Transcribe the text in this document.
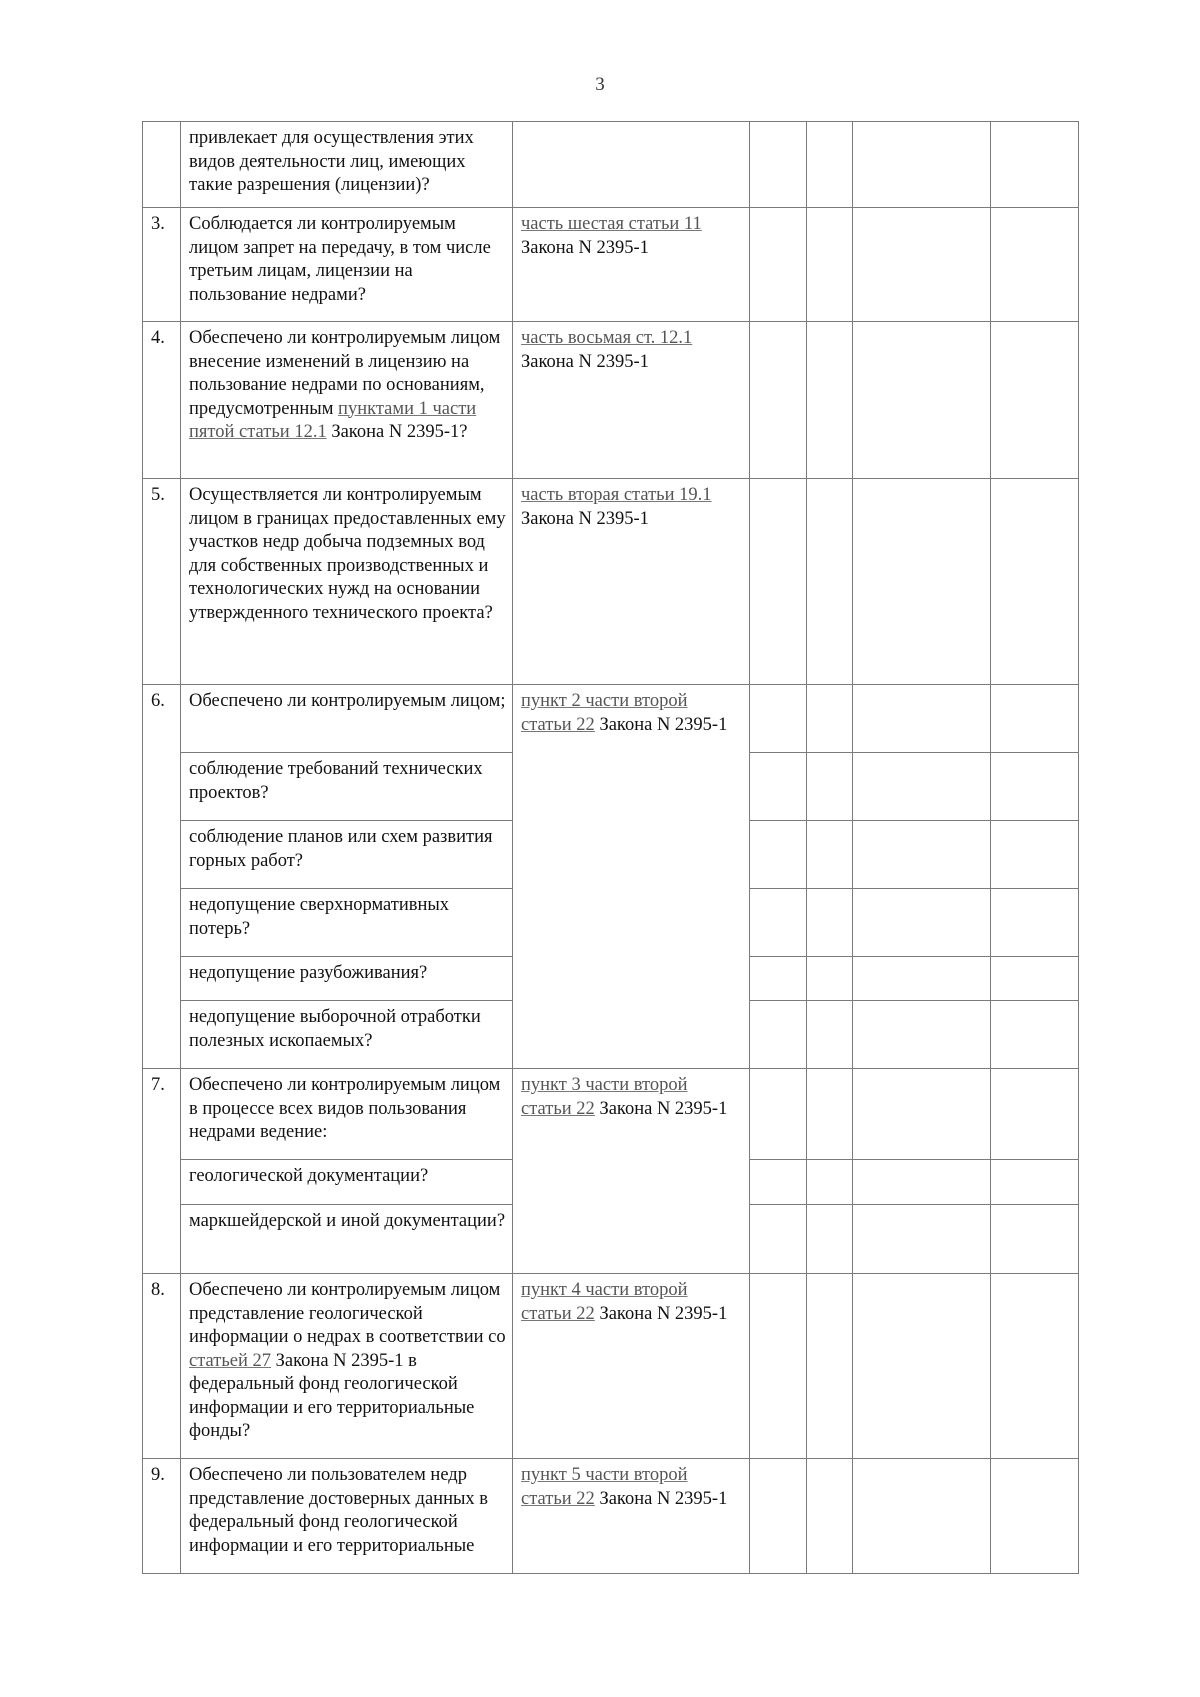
3
	привлекает для осуществления этих видов деятельности лиц, имеющих такие разрешения (лицензии)?					
3.	Соблюдается ли контролируемым лицом запрет на передачу, в том числе третьим лицам, лицензии на пользование недрами?	часть шестая статьи 11
Закона N 2395-1				
4.	Обеспечено ли контролируемым лицом внесение изменений в лицензию на пользование недрами по основаниям, предусмотренным пунктами 1 части пятой статьи 12.1 Закона N 2395-1?	часть восьмая ст. 12.1
Закона N 2395-1				
5.	Осуществляется ли контролируемым лицом в границах предоставленных ему участков недр добыча подземных вод для собственных производственных и технологических нужд на основании утвержденного технического проекта?	часть вторая статьи 19.1
Закона N 2395-1				
6.	Обеспечено ли контролируемым лицом;	пункт 2 части второй
статьи 22 Закона N 2395-1				
	соблюдение требований технических проектов?					
	соблюдение планов или схем развития горных работ?					
	недопущение сверхнормативных потерь?					
	недопущение разубоживания?					
	недопущение выборочной отработки полезных ископаемых?					
7.	Обеспечено ли контролируемым лицом в процессе всех видов пользования недрами ведение:	пункт 3 части второй
статьи 22 Закона N 2395-1				
	геологической документации?					
	маркшейдерской и иной документации?					
8.	Обеспечено ли контролируемым лицом представление геологической информации о недрах в соответствии со статьей 27 Закона N 2395-1 в федеральный фонд геологической информации и его территориальные фонды?	пункт 4 части второй
статьи 22 Закона N 2395-1				
9.	Обеспечено ли пользователем недр представление достоверных данных в федеральный фонд геологической информации и его территориальные	пункт 5 части второй
статьи 22 Закона N 2395-1				
